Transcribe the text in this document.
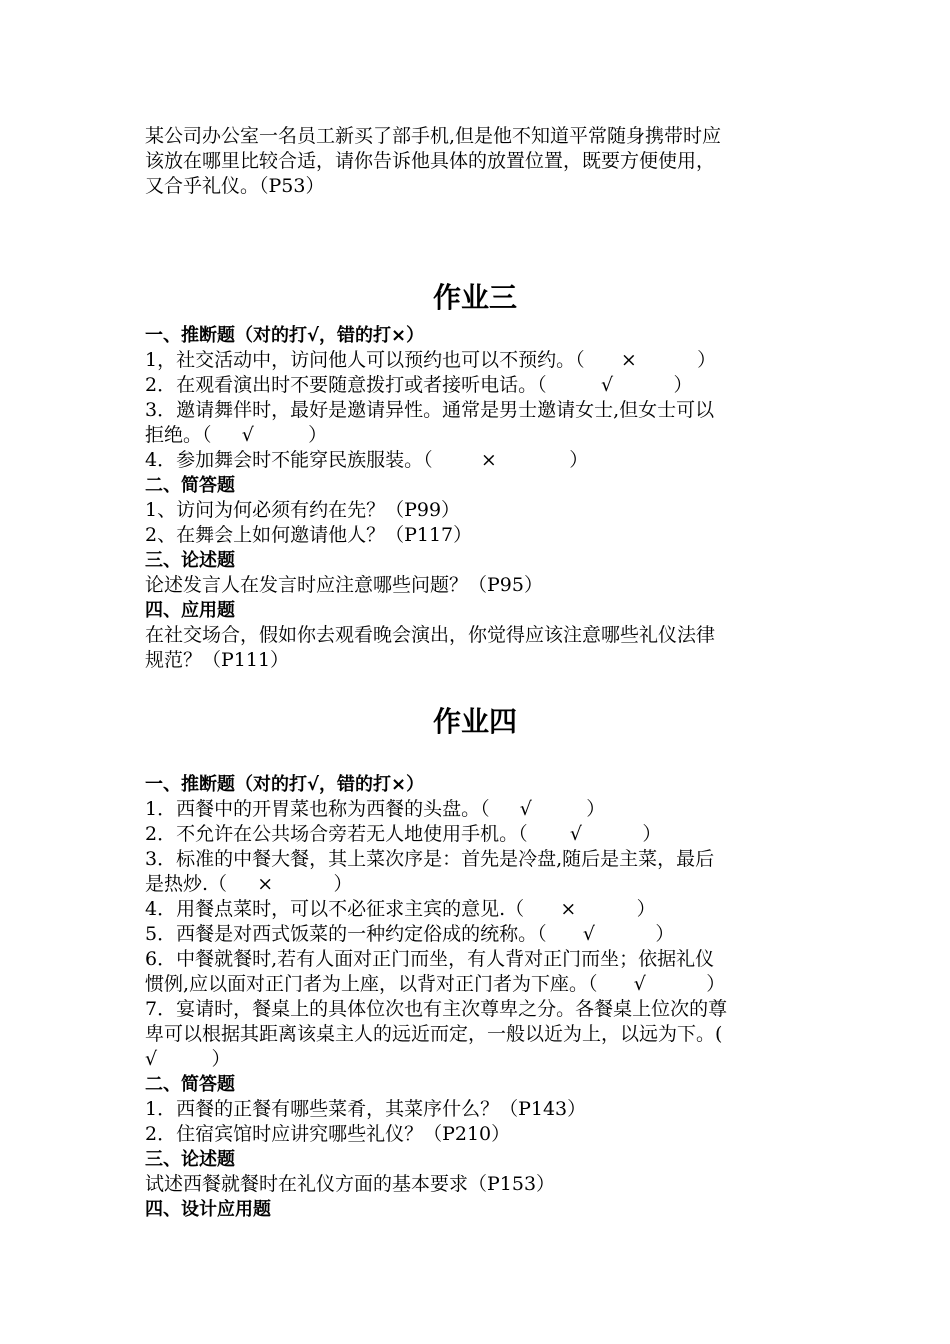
某公司办公室一名员工新买了部手机,但是他不知道平常随身携带时应
该放在哪里比较合适，请你告诉他具体的放置位置，既要方便使用，
又合乎礼仪。（P53）
作业三
一、推断题（对的打√，错的打×）
1，社交活动中，访问他人可以预约也可以不预约。（      ×          ）
2．在观看演出时不要随意拨打或者接听电话。（         √          ）
3．邀请舞伴时，最好是邀请异性。通常是男士邀请女士,但女士可以
拒绝。（     √         ）
4．参加舞会时不能穿民族服装。（        ×            ）
二、简答题
1、访问为何必须有约在先？（P99）
2、在舞会上如何邀请他人？（P117）
三、论述题
论述发言人在发言时应注意哪些问题？（P95）
四、应用题
在社交场合，假如你去观看晚会演出，你觉得应该注意哪些礼仪法律
规范？（P111）
作业四
一、推断题（对的打√，错的打×）
1．西餐中的开胃菜也称为西餐的头盘。（     √         ）
2．不允许在公共场合旁若无人地使用手机。（       √          ）
3．标准的中餐大餐，其上菜次序是：首先是冷盘,随后是主菜，最后
是热炒.（     ×          ）
4．用餐点菜时，可以不必征求主宾的意见.（      ×          ）
5．西餐是对西式饭菜的一种约定俗成的统称。（      √          ）
6．中餐就餐时,若有人面对正门而坐，有人背对正门而坐；依据礼仪
惯例,应以面对正门者为上座，以背对正门者为下座。（      √          ）
7．宴请时，餐桌上的具体位次也有主次尊卑之分。各餐桌上位次的尊
卑可以根据其距离该桌主人的远近而定，一般以近为上，以远为下。(
√         ）
二、简答题
1．西餐的正餐有哪些菜肴，其菜序什么？（P143）
2．住宿宾馆时应讲究哪些礼仪？（P210）
三、论述题
试述西餐就餐时在礼仪方面的基本要求（P153）
四、设计应用题
